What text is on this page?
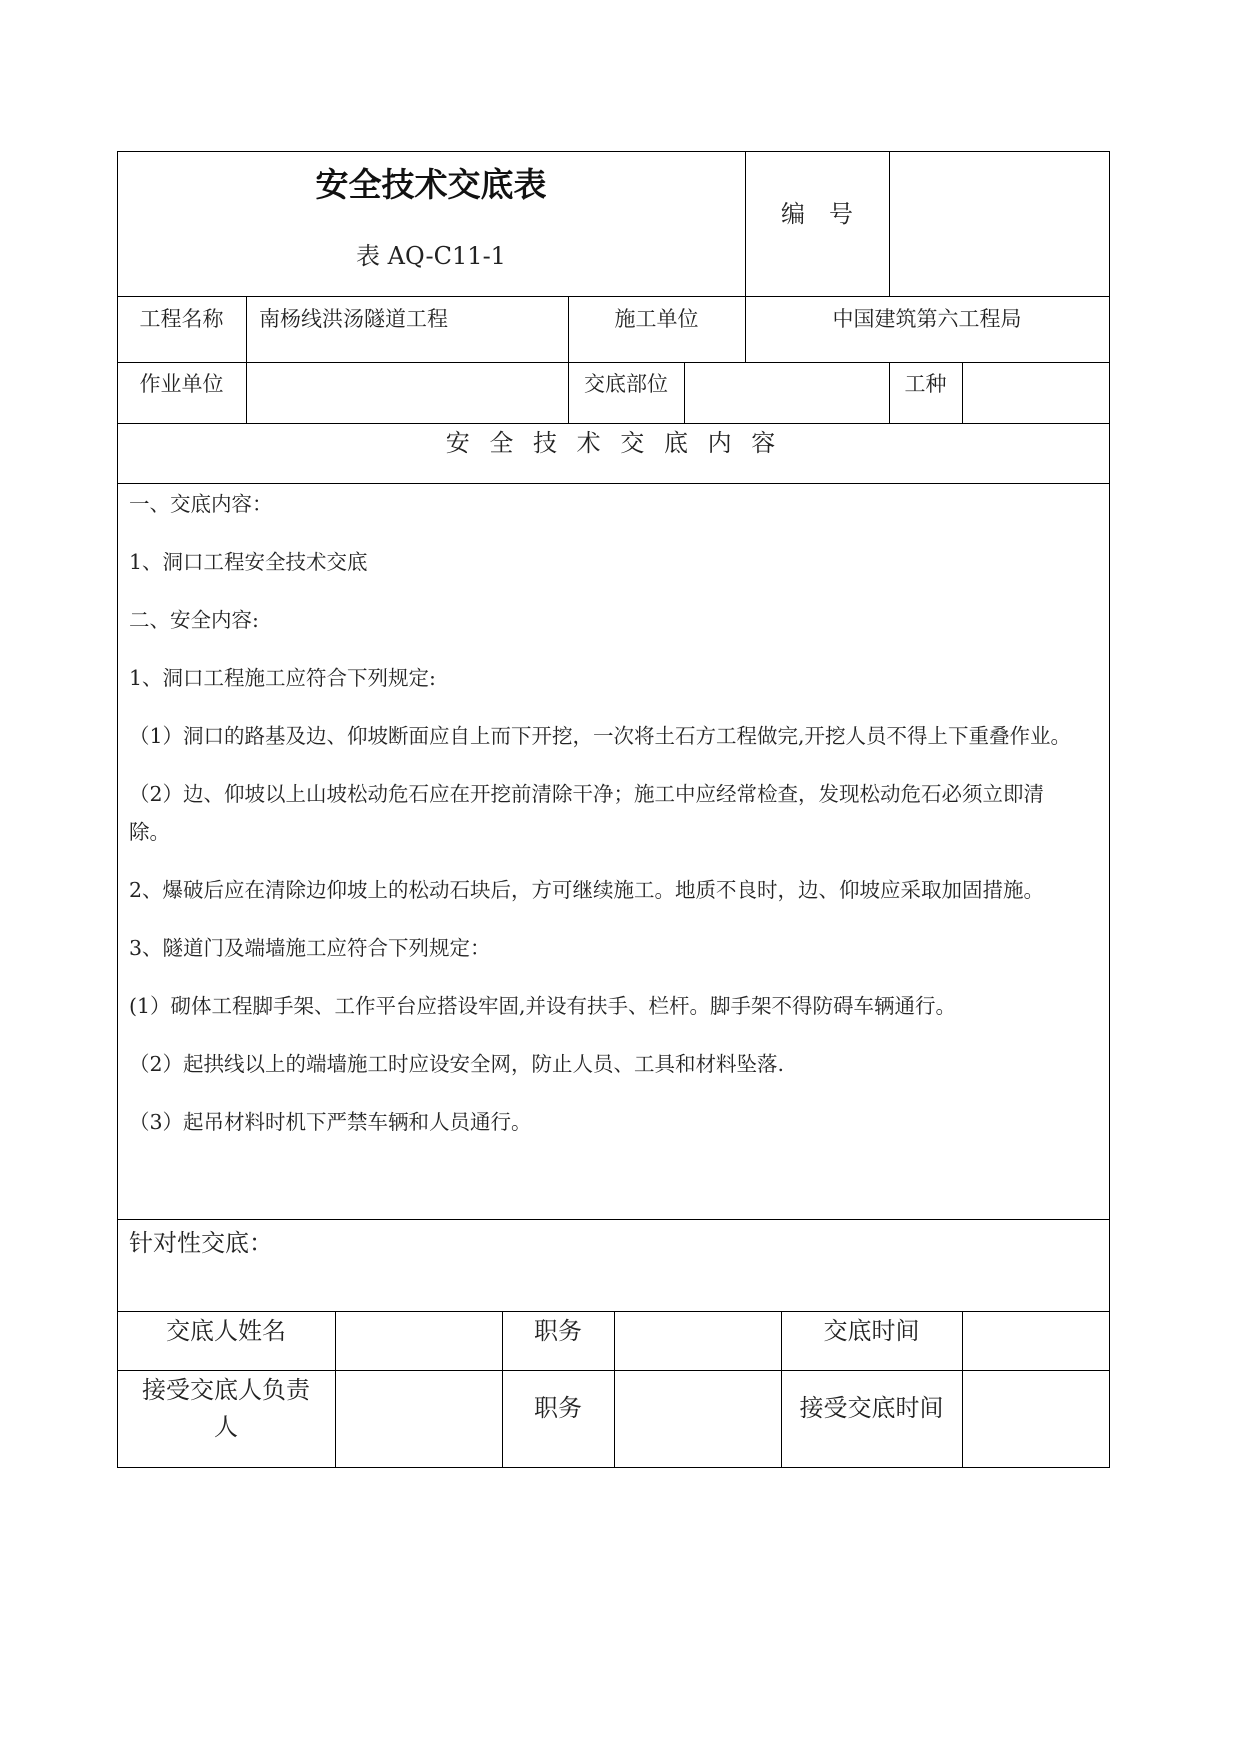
安全技术交底表
表 AQ-C11-1
编　号
工程名称	南杨线洪汤隧道工程	施工单位	中国建筑第六工程局
作业单位	交底部位	工种
安 全 技 术 交 底 内 容
一、交底内容：
1、洞口工程安全技术交底
二、安全内容:
1、洞口工程施工应符合下列规定:
（1）洞口的路基及边、仰坡断面应自上而下开挖，一次将土石方工程做完,开挖人员不得上下重叠作业。
（2）边、仰坡以上山坡松动危石应在开挖前清除干净；施工中应经常检查，发现松动危石必须立即清
除。
2、爆破后应在清除边仰坡上的松动石块后，方可继续施工。地质不良时，边、仰坡应采取加固措施。
3、隧道门及端墙施工应符合下列规定：
(1）砌体工程脚手架、工作平台应搭设牢固,并设有扶手、栏杆。脚手架不得防碍车辆通行。
（2）起拱线以上的端墙施工时应设安全网，防止人员、工具和材料坠落.
（3）起吊材料时机下严禁车辆和人员通行。
针对性交底：
交底人姓名	职务	交底时间
接受交底人负责
人
职务	接受交底时间
